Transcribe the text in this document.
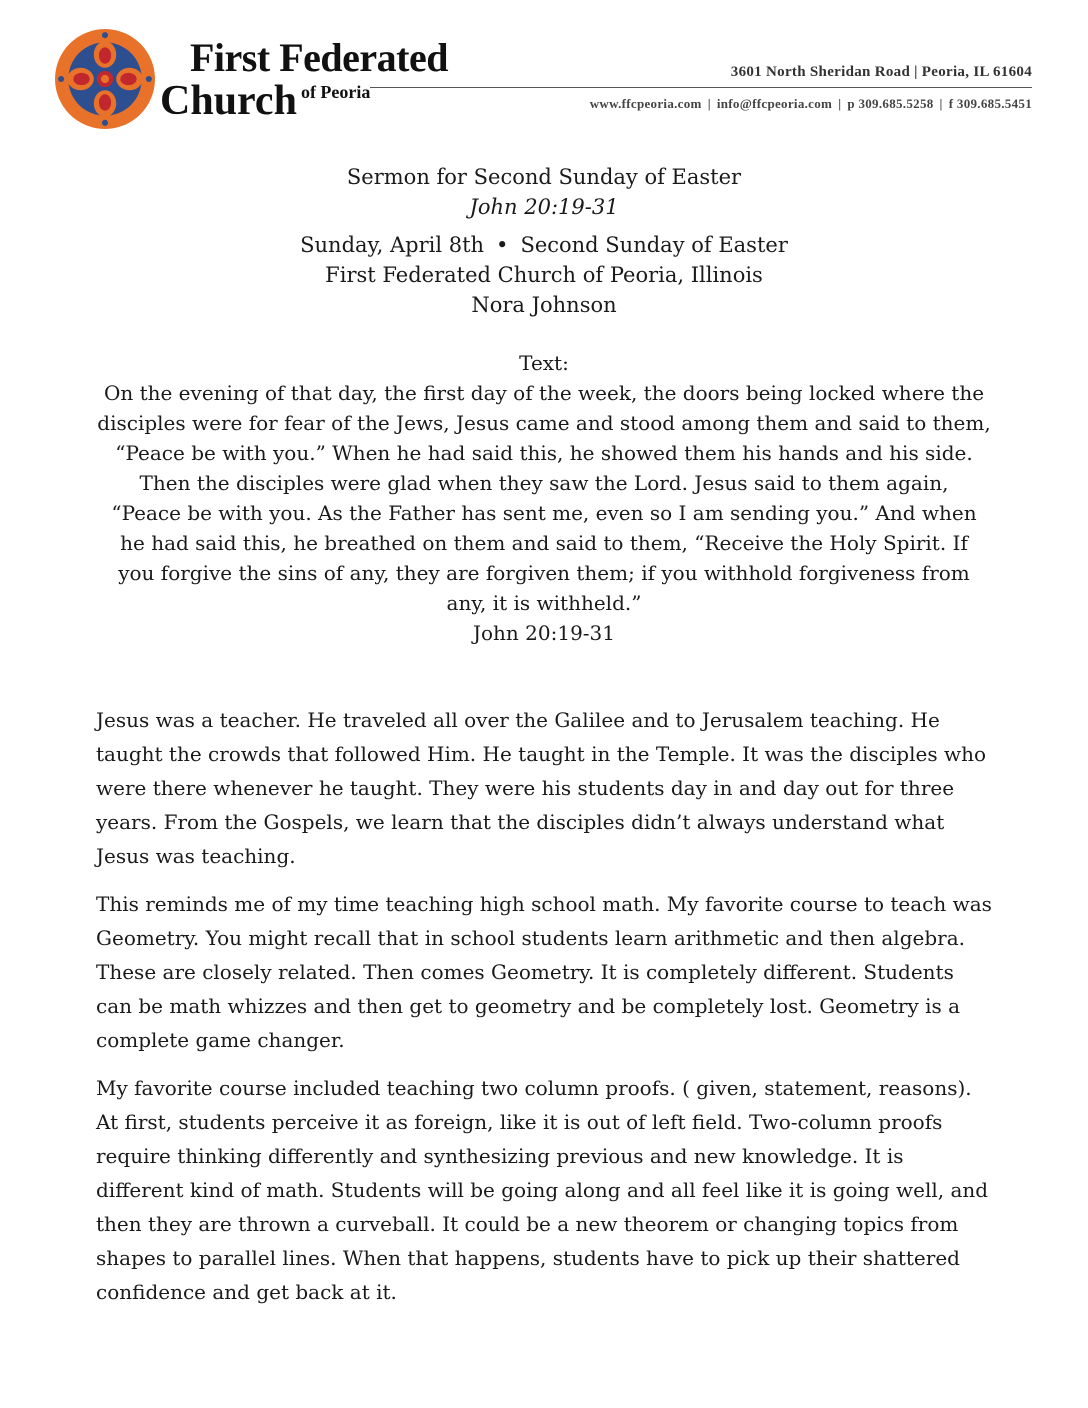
First Federated
Church $^{of Peoria}$
3601 North Sheridan Road | Peoria, IL 61604
www.ffcpeoria.com | info@ffcpeoria.com | p 309.685.5258 | f 309.685.5451
Sermon for Second Sunday of Easter
John 20:19-31
Sunday, April 8th • Second Sunday of Easter
First Federated Church of Peoria, Illinois
Nora Johnson
Text:
On the evening of that day, the first day of the week, the doors being locked where the
disciples were for fear of the Jews, Jesus came and stood among them and said to them,
“Peace be with you.” When he had said this, he showed them his hands and his side.
Then the disciples were glad when they saw the Lord. Jesus said to them again,
“Peace be with you. As the Father has sent me, even so I am sending you.” And when
he had said this, he breathed on them and said to them, “Receive the Holy Spirit. If
you forgive the sins of any, they are forgiven them; if you withhold forgiveness from
any, it is withheld.”
John 20:19-31

Jesus was a teacher. He traveled all over the Galilee and to Jerusalem teaching. He taught the crowds that followed Him. He taught in the Temple. It was the disciples who were there whenever he taught. They were his students day in and day out for three years. From the Gospels, we learn that the disciples didn’t always understand what Jesus was teaching.

This reminds me of my time teaching high school math. My favorite course to teach was Geometry. You might recall that in school students learn arithmetic and then algebra. These are closely related. Then comes Geometry. It is completely different. Students can be math whizzes and then get to geometry and be completely lost. Geometry is a complete game changer.

My favorite course included teaching two column proofs. ( given, statement, reasons). At first, students perceive it as foreign, like it is out of left field. Two-column proofs require thinking differently and synthesizing previous and new knowledge. It is different kind of math. Students will be going along and all feel like it is going well, and then they are thrown a curveball. It could be a new theorem or changing topics from shapes to parallel lines. When that happens, students have to pick up their shattered confidence and get back at it.
